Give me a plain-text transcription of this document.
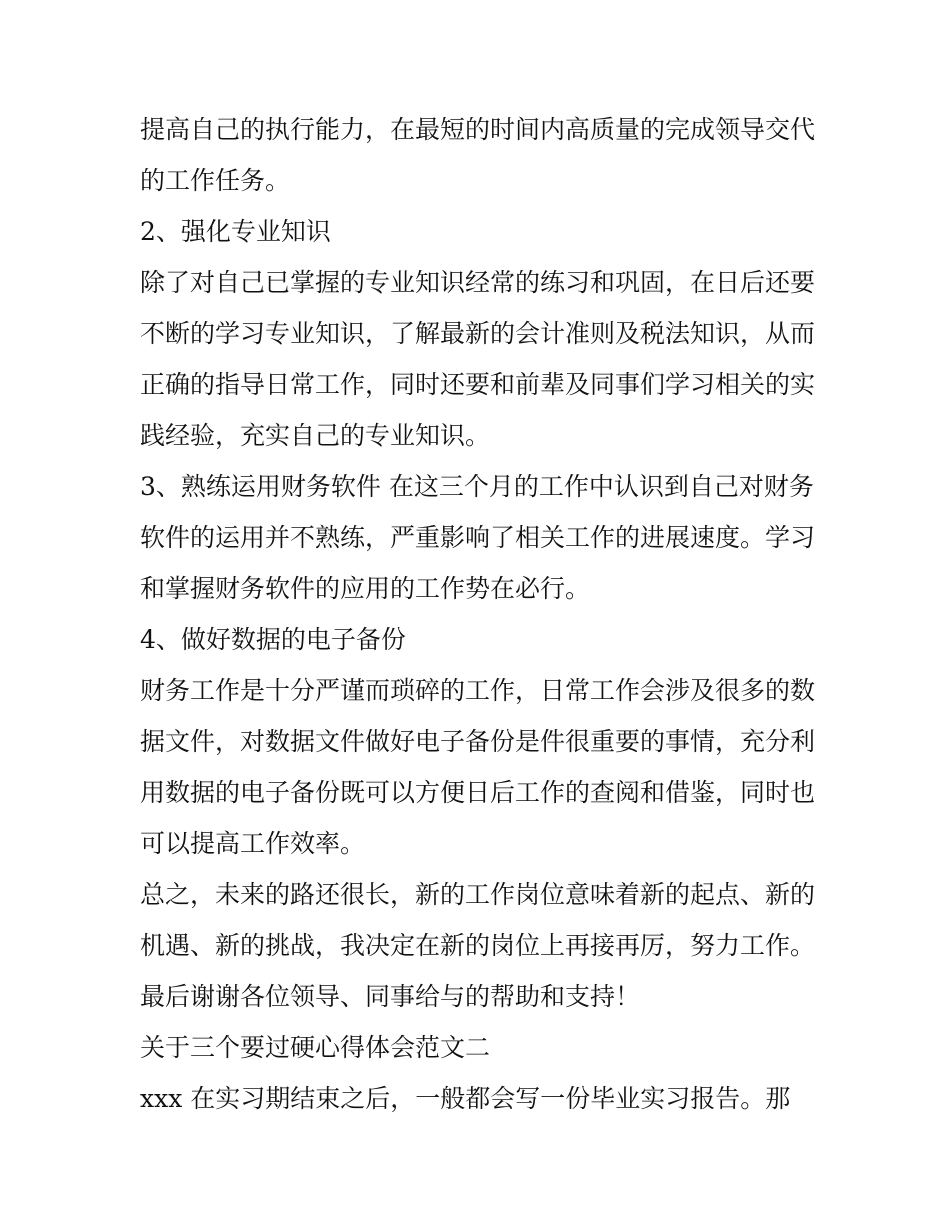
提高自己的执行能力，在最短的时间内高质量的完成领导交代
的工作任务。
2、强化专业知识
除了对自己已掌握的专业知识经常的练习和巩固，在日后还要
不断的学习专业知识，了解最新的会计准则及税法知识，从而
正确的指导日常工作，同时还要和前辈及同事们学习相关的实
践经验，充实自己的专业知识。
3、熟练运用财务软件 在这三个月的工作中认识到自己对财务
软件的运用并不熟练，严重影响了相关工作的进展速度。学习
和掌握财务软件的应用的工作势在必行。
4、做好数据的电子备份
财务工作是十分严谨而琐碎的工作，日常工作会涉及很多的数
据文件，对数据文件做好电子备份是件很重要的事情，充分利
用数据的电子备份既可以方便日后工作的查阅和借鉴，同时也
可以提高工作效率。
总之，未来的路还很长，新的工作岗位意味着新的起点、新的
机遇、新的挑战，我决定在新的岗位上再接再厉，努力工作。
最后谢谢各位领导、同事给与的帮助和支持！
关于三个要过硬心得体会范文二
xxx 在实习期结束之后，一般都会写一份毕业实习报告。那
